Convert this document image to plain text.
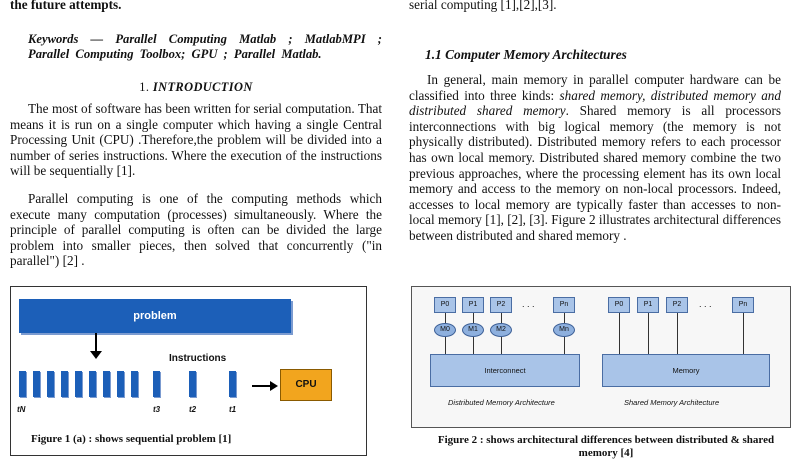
the future attempts.
Keywords — Parallel Computing Matlab ; MatlabMPI ; Parallel Computing Toolbox; GPU ; Parallel Matlab.
1. INTRODUCTION

The most of software has been written for serial computation. That means it is run on a single computer which having a single Central Processing Unit (CPU) .Therefore,the problem will be divided into a number of series instructions. Where the execution of the instructions will be sequentially [1].

Parallel computing is one of the computing methods which execute many computation (processes) simultaneously. Where the principle of parallel computing is often can be divided the large problem into smaller pieces, then solved that concurrently ("in parallel") [2] .

serial computing [1],[2],[3].
1.1 Computer Memory Architectures

In general, main memory in parallel computer hardware can be classified into three kinds: shared memory, distributed memory and distributed shared memory. Shared memory is all processors interconnections with big logical memory (the memory is not physically distributed). Distributed memory refers to each processor has own local memory. Distributed shared memory combine the two previous approaches, where the processing element has its own local memory and access to the memory on non-local processors. Indeed, accesses to local memory are typically faster than accesses to non-local memory [1], [2], [3]. Figure 2 illustrates architectural differences between distributed and shared memory .

problem
Instructions
tN	t3	t2	t1
CPU
Figure 1 (a) : shows sequential problem [1]
P0	P1	P2	. . .	Pn
M0	M1	M2	Mn
Interconnect
Distributed Memory Architecture
P0	P1	P2	. . .	Pn
Memory
Shared Memory Architecture
Figure 2 : shows architectural differences between distributed & shared memory [4]
